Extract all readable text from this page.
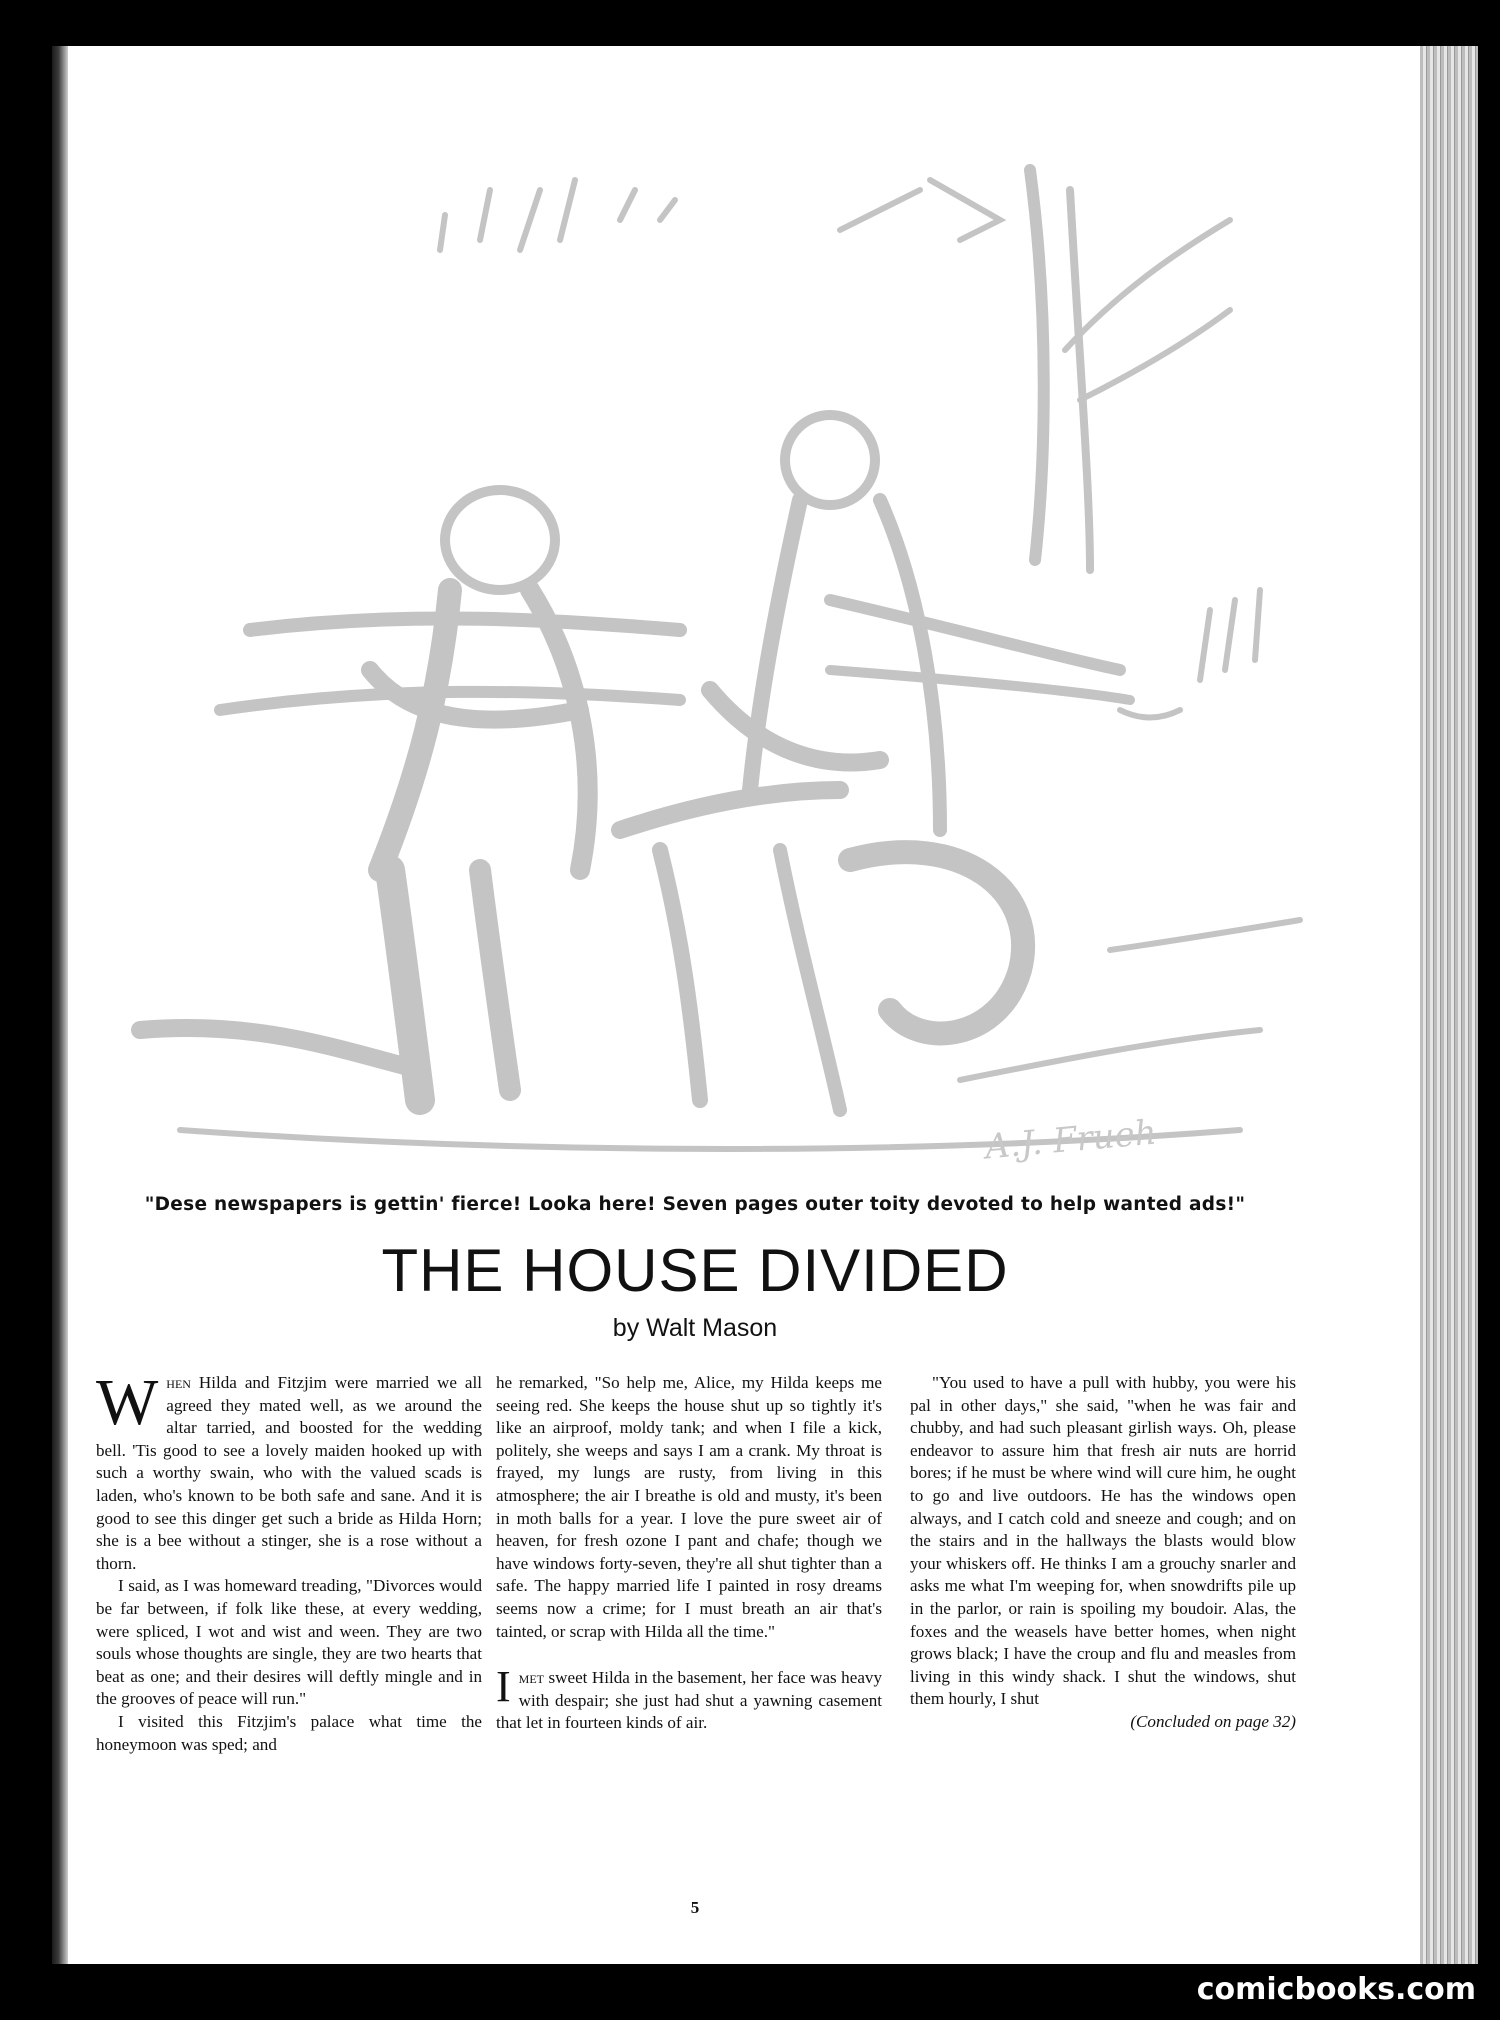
A.J. Frueh
"Dese newspapers is gettin' fierce! Looka here! Seven pages outer toity devoted to help wanted ads!"
THE HOUSE DIVIDED
by Walt Mason

When Hilda and Fitzjim were married we all agreed they mated well, as we around the altar tarried, and boosted for the wedding bell. 'Tis good to see a lovely maiden hooked up with such a worthy swain, who with the valued scads is laden, who's known to be both safe and sane. And it is good to see this dinger get such a bride as Hilda Horn; she is a bee without a stinger, she is a rose without a thorn.

I said, as I was homeward treading, "Divorces would be far between, if folk like these, at every wedding, were spliced, I wot and wist and ween. They are two souls whose thoughts are single, they are two hearts that beat as one; and their desires will deftly mingle and in the grooves of peace will run."

I visited this Fitzjim's palace what time the honeymoon was sped; and

he remarked, "So help me, Alice, my Hilda keeps me seeing red. She keeps the house shut up so tightly it's like an airproof, moldy tank; and when I file a kick, politely, she weeps and says I am a crank. My throat is frayed, my lungs are rusty, from living in this atmosphere; the air I breathe is old and musty, it's been in moth balls for a year. I love the pure sweet air of heaven, for fresh ozone I pant and chafe; though we have windows forty-seven, they're all shut tighter than a safe. The happy married life I painted in rosy dreams seems now a crime; for I must breath an air that's tainted, or scrap with Hilda all the time."

Imet sweet Hilda in the basement, her face was heavy with despair; she just had shut a yawning casement that let in fourteen kinds of air.

"You used to have a pull with hubby, you were his pal in other days," she said, "when he was fair and chubby, and had such pleasant girlish ways. Oh, please endeavor to assure him that fresh air nuts are horrid bores; if he must be where wind will cure him, he ought to go and live outdoors. He has the windows open always, and I catch cold and sneeze and cough; and on the stairs and in the hallways the blasts would blow your whiskers off. He thinks I am a grouchy snarler and asks me what I'm weeping for, when snowdrifts pile up in the parlor, or rain is spoiling my boudoir. Alas, the foxes and the weasels have better homes, when night grows black; I have the croup and flu and measles from living in this windy shack. I shut the windows, shut them hourly, I shut

(Concluded on page 32)

5
comicbooks.com
